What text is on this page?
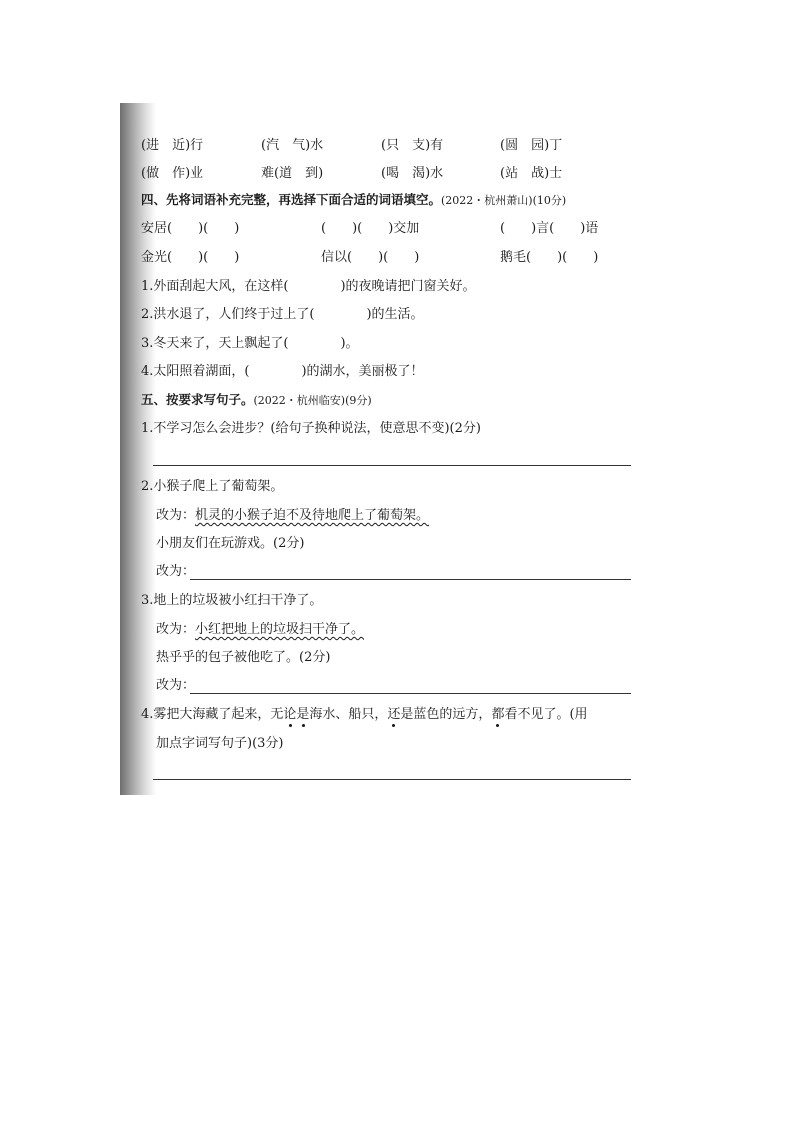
(进　近)行	(汽　气)水	(只　支)有	(圆　园)丁
(做　作)业	难(道　到)	(喝　渴)水	(站　战)士
四、先将词语补充完整，再选择下面合适的词语填空。(2022・杭州萧山)(10分)
安居(　　)(　　)	(　　)(　　)交加	(　　)言(　　)语
金光(　　)(　　)	信以(　　)(　　)	鹅毛(　　)(　　)
1.外面刮起大风，在这样(　　　　)的夜晚请把门窗关好。
2.洪水退了，人们终于过上了(　　　　)的生活。
3.冬天来了，天上飘起了(　　　　)。
4.太阳照着湖面，(　　　　)的湖水，美丽极了！
五、按要求写句子。(2022・杭州临安)(9分)
1.不学习怎么会进步？(给句子换种说法，使意思不变)(2分)
2.小猴子爬上了葡萄架。
改为：机灵的小猴子迫不及待地爬上了葡萄架。
小朋友们在玩游戏。(2分)
改为：
3.地上的垃圾被小红扫干净了。
改为：小红把地上的垃圾扫干净了。
热乎乎的包子被他吃了。(2分)
改为：
4.雾把大海藏了起来，无论是海水、船只，还是蓝色的远方，都看不见了。(用
加点字词写句子)(3分)
